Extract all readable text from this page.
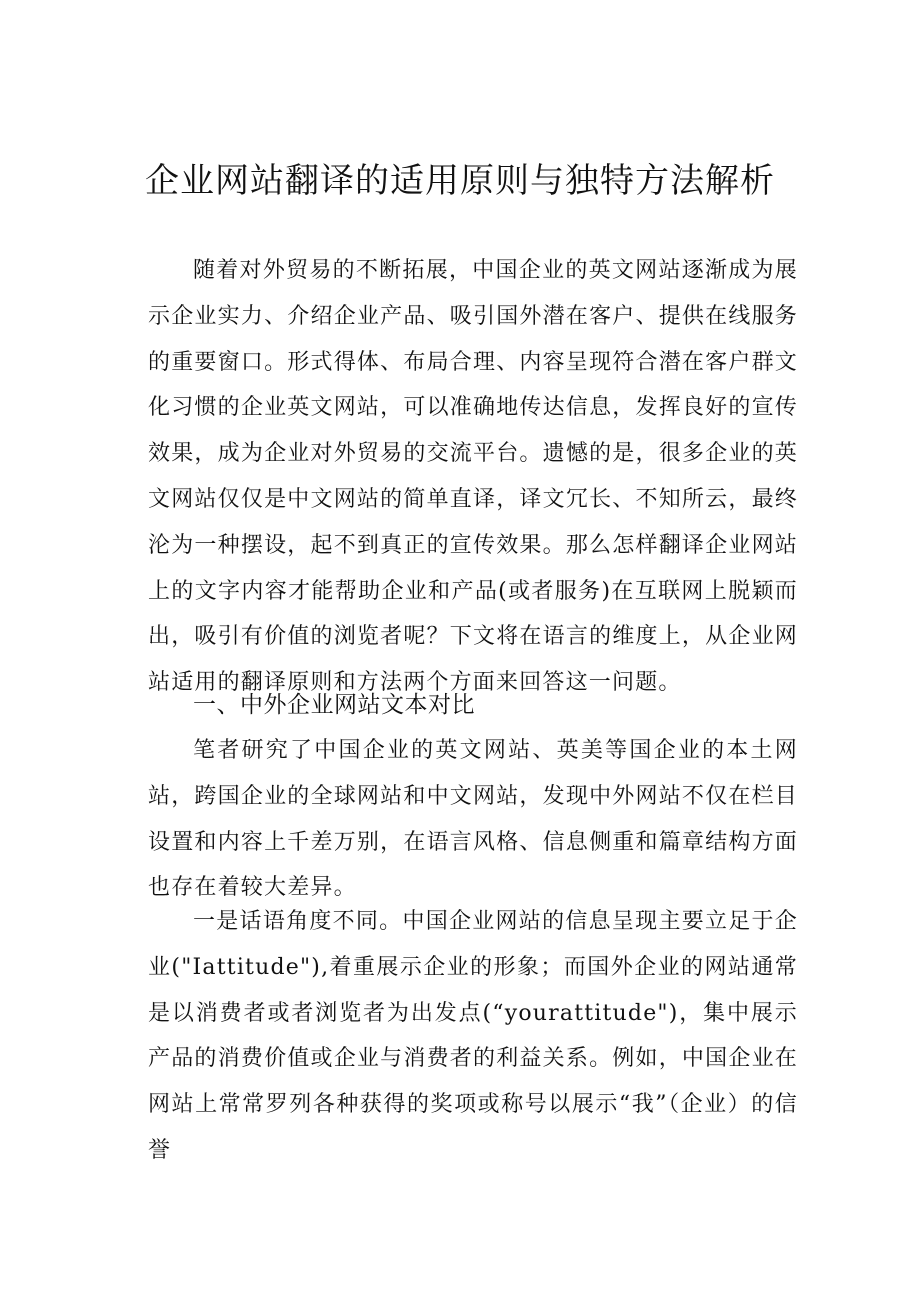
企业网站翻译的适用原则与独特方法解析

随着对外贸易的不断拓展，中国企业的英文网站逐渐成为展示企业实力、介绍企业产品、吸引国外潜在客户、提供在线服务的重要窗口。形式得体、布局合理、内容呈现符合潜在客户群文化习惯的企业英文网站，可以准确地传达信息，发挥良好的宣传效果，成为企业对外贸易的交流平台。遗憾的是，很多企业的英文网站仅仅是中文网站的简单直译，译文冗长、不知所云，最终沦为一种摆设，起不到真正的宣传效果。那么怎样翻译企业网站上的文字内容才能帮助企业和产品(或者服务)在互联网上脱颖而出，吸引有价值的浏览者呢？下文将在语言的维度上，从企业网站适用的翻译原则和方法两个方面来回答这一问题。

一、中外企业网站文本对比

笔者研究了中国企业的英文网站、英美等国企业的本土网站，跨国企业的全球网站和中文网站，发现中外网站不仅在栏目设置和内容上千差万别，在语言风格、信息侧重和篇章结构方面也存在着较大差异。

一是话语角度不同。中国企业网站的信息呈现主要立足于企业("Iattitude"),着重展示企业的形象；而国外企业的网站通常是以消费者或者浏览者为出发点(“yourattitude")，集中展示产品的消费价值或企业与消费者的利益关系。例如，中国企业在网站上常常罗列各种获得的奖项或称号以展示“我”（企业）的信誉
